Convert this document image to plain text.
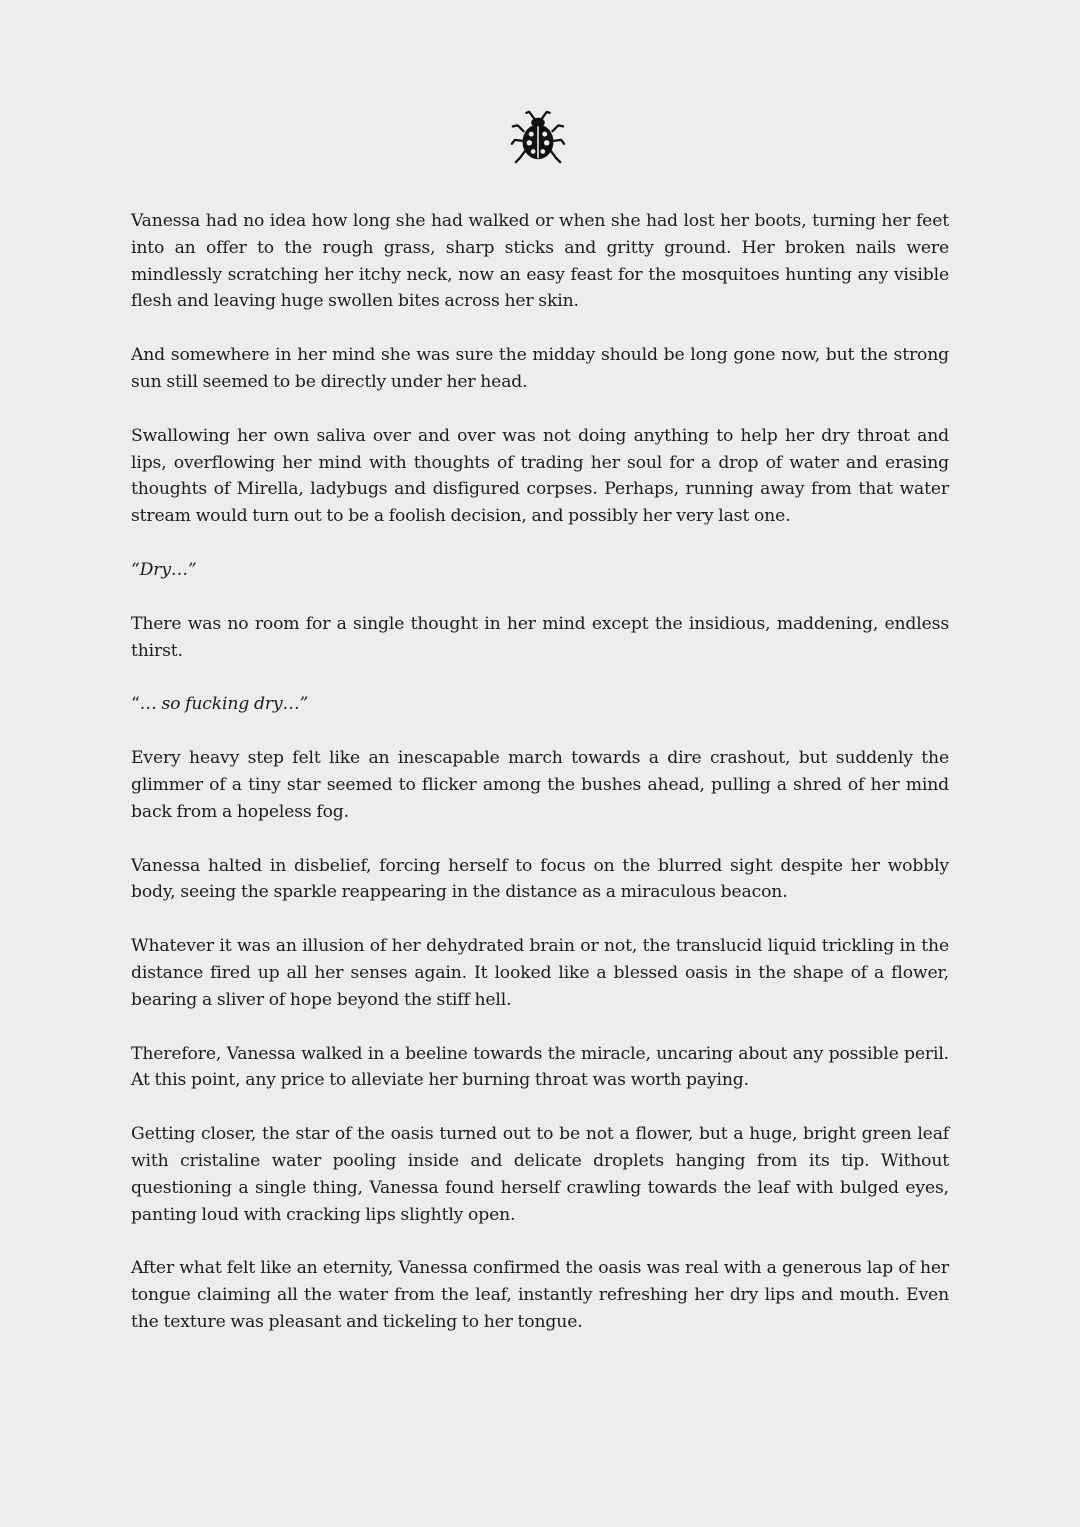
Vanessa had no idea how long she had walked or when she had lost her boots, turning her feet into an offer to the rough grass, sharp sticks and gritty ground. Her broken nails were mindlessly scratching her itchy neck, now an easy feast for the mosquitoes hunting any visible flesh and leaving huge swollen bites across her skin.

And somewhere in her mind she was sure the midday should be long gone now, but the strong sun still seemed to be directly under her head.

Swallowing her own saliva over and over was not doing anything to help her dry throat and lips, overflowing her mind with thoughts of trading her soul for a drop of water and erasing thoughts of Mirella, ladybugs and disfigured corpses. Perhaps, running away from that water stream would turn out to be a foolish decision, and possibly her very last one.

“Dry…”

There was no room for a single thought in her mind except the insidious, maddening, endless thirst.

“… so fucking dry…”

Every heavy step felt like an inescapable march towards a dire crashout, but suddenly the glimmer of a tiny star seemed to flicker among the bushes ahead, pulling a shred of her mind back from a hopeless fog.

Vanessa halted in disbelief, forcing herself to focus on the blurred sight despite her wobbly body, seeing the sparkle reappearing in the distance as a miraculous beacon.

Whatever it was an illusion of her dehydrated brain or not, the translucid liquid trickling in the distance fired up all her senses again. It looked like a blessed oasis in the shape of a flower, bearing a sliver of hope beyond the stiff hell.

Therefore, Vanessa walked in a beeline towards the miracle, uncaring about any possible peril. At this point, any price to alleviate her burning throat was worth paying.

Getting closer, the star of the oasis turned out to be not a flower, but a huge, bright green leaf with cristaline water pooling inside and delicate droplets hanging from its tip. Without questioning a single thing, Vanessa found herself crawling towards the leaf with bulged eyes, panting loud with cracking lips slightly open.

After what felt like an eternity, Vanessa confirmed the oasis was real with a generous lap of her tongue claiming all the water from the leaf, instantly refreshing her dry lips and mouth. Even the texture was pleasant and tickeling to her tongue.
